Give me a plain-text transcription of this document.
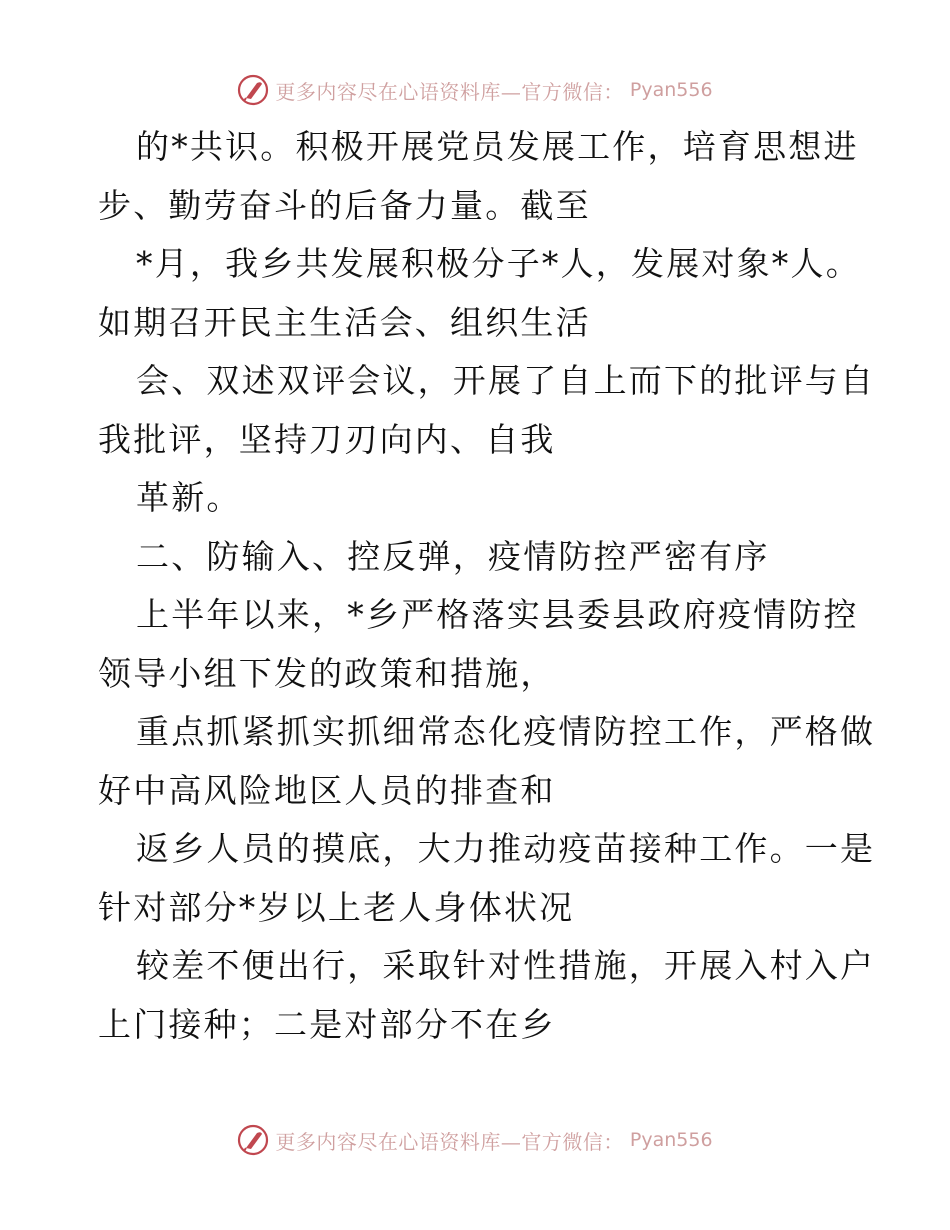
更多内容尽在心语资料库—官方微信： Pyan556
的*共识。积极开展党员发展工作，培育思想进
步、勤劳奋斗的后备力量。截至
*月，我乡共发展积极分子*人，发展对象*人。
如期召开民主生活会、组织生活
会、双述双评会议，开展了自上而下的批评与自
我批评，坚持刀刃向内、自我
革新。
二、防输入、控反弹，疫情防控严密有序
上半年以来，*乡严格落实县委县政府疫情防控
领导小组下发的政策和措施，
重点抓紧抓实抓细常态化疫情防控工作，严格做
好中高风险地区人员的排查和
返乡人员的摸底，大力推动疫苗接种工作。一是
针对部分*岁以上老人身体状况
较差不便出行，采取针对性措施，开展入村入户
上门接种；二是对部分不在乡
更多内容尽在心语资料库—官方微信： Pyan556
